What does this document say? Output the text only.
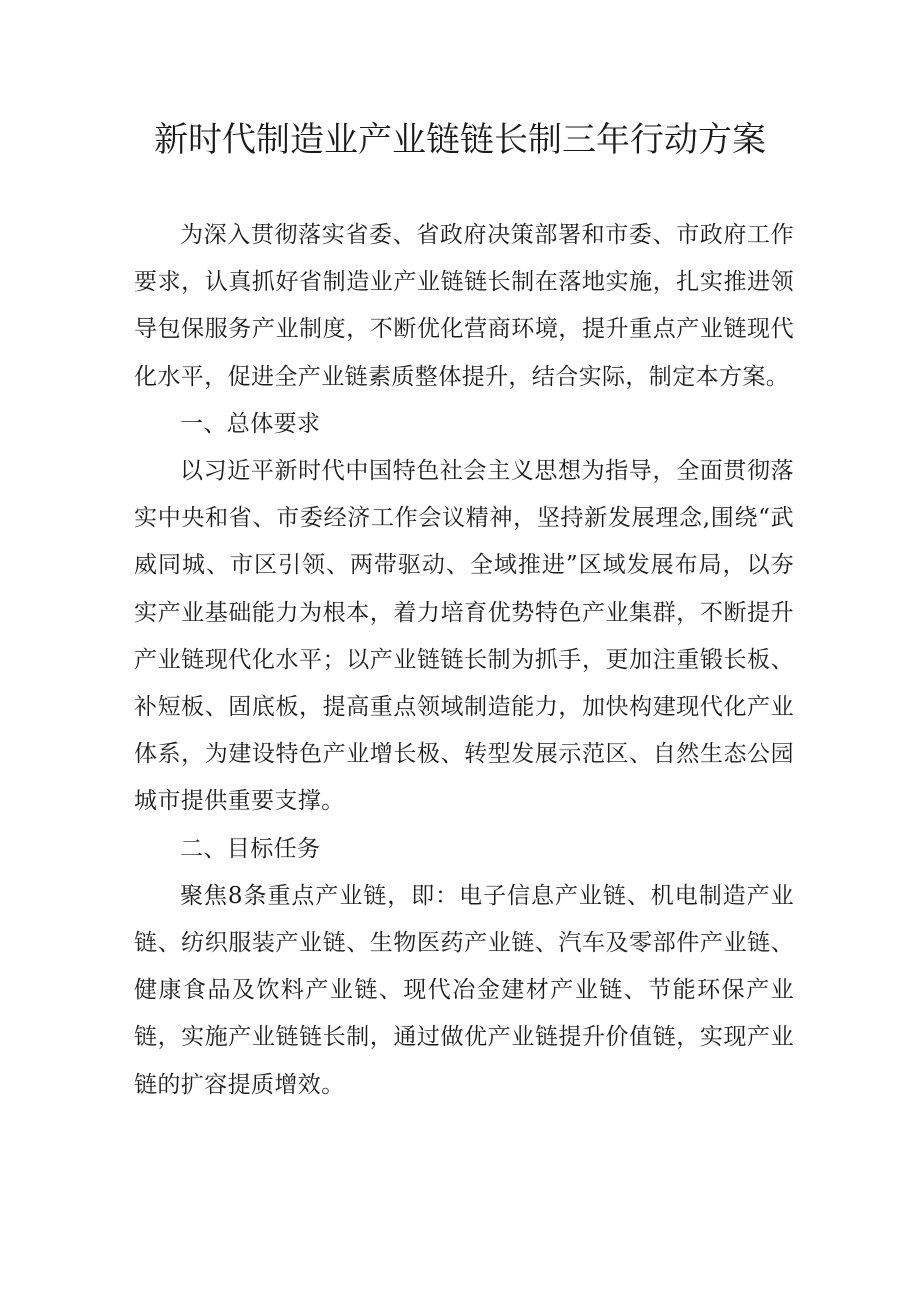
新时代制造业产业链链长制三年行动方案

为深入贯彻落实省委、省政府决策部署和市委、市政府工作要求，认真抓好省制造业产业链链长制在落地实施，扎实推进领导包保服务产业制度，不断优化营商环境，提升重点产业链现代化水平，促进全产业链素质整体提升，结合实际，制定本方案。

一、总体要求

以习近平新时代中国特色社会主义思想为指导，全面贯彻落实中央和省、市委经济工作会议精神，坚持新发展理念,围绕“武威同城、市区引领、两带驱动、全域推进”区域发展布局，以夯实产业基础能力为根本，着力培育优势特色产业集群，不断提升产业链现代化水平；以产业链链长制为抓手，更加注重锻长板、补短板、固底板，提高重点领域制造能力，加快构建现代化产业体系，为建设特色产业增长极、转型发展示范区、自然生态公园城市提供重要支撑。

二、目标任务

聚焦8条重点产业链，即：电子信息产业链、机电制造产业链、纺织服装产业链、生物医药产业链、汽车及零部件产业链、健康食品及饮料产业链、现代冶金建材产业链、节能环保产业链，实施产业链链长制，通过做优产业链提升价值链，实现产业链的扩容提质增效。
